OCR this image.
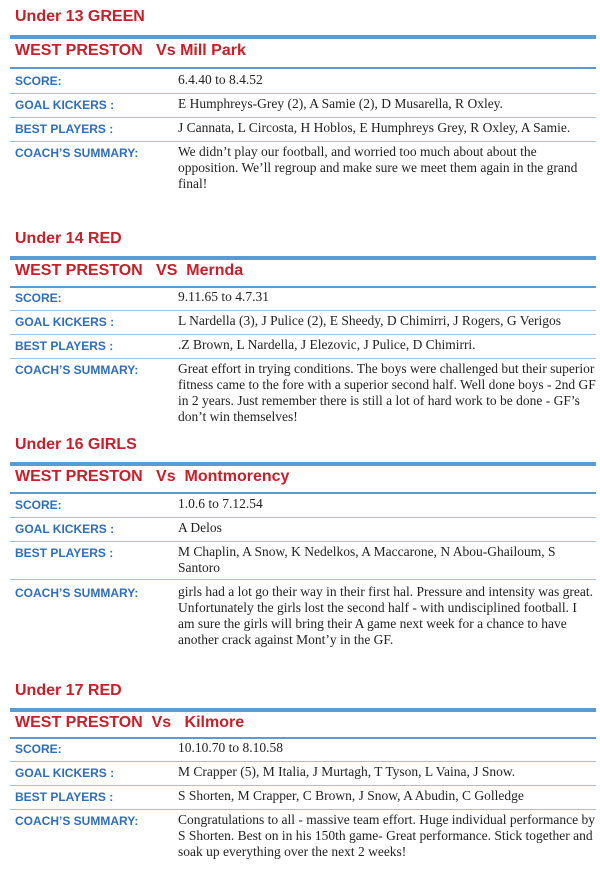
Under 13 GREEN
WEST PRESTON   Vs Mill Park
SCORE:	6.4.40 to 8.4.52
GOAL KICKERS :	E Humphreys-Grey (2), A Samie (2), D Musarella, R Oxley.
BEST PLAYERS :	J Cannata, L Circosta, H Hoblos, E Humphreys Grey, R Oxley, A Samie.
COACH’S SUMMARY:	We didn’t play our football, and worried too much about about the opposition. We’ll regroup and make sure we meet them again in the grand final!
Under 14 RED
WEST PRESTON   VS  Mernda
SCORE:	9.11.65 to 4.7.31
GOAL KICKERS :	L Nardella (3), J Pulice (2), E Sheedy, D Chimirri, J Rogers, G Verigos
BEST PLAYERS :	.Z Brown, L Nardella, J Elezovic, J Pulice, D Chimirri.
COACH’S SUMMARY:	Great effort in trying conditions. The boys were challenged but their superior fitness came to the fore with a superior second half. Well done boys - 2nd GF in 2 years. Just remember there is still a lot of hard work to be done - GF’s don’t win themselves!
Under 16 GIRLS
WEST PRESTON   Vs  Montmorency
SCORE:	1.0.6 to 7.12.54
GOAL KICKERS :	A Delos
BEST PLAYERS :	M Chaplin, A Snow, K Nedelkos, A Maccarone, N Abou-Ghailoum, S Santoro
COACH’S SUMMARY:	girls had a lot go their way in their first hal. Pressure and intensity was great. Unfortunately the girls lost the second half - with undisciplined football. I am sure the girls will bring their A game next week for a chance to have another crack against Mont’y in the GF.
Under 17 RED
WEST PRESTON  Vs   Kilmore
SCORE:	10.10.70 to 8.10.58
GOAL KICKERS :	M Crapper (5), M Italia, J Murtagh, T Tyson, L Vaina, J Snow.
BEST PLAYERS :	S Shorten, M Crapper, C Brown, J Snow, A Abudin, C Golledge
COACH’S SUMMARY:	Congratulations to all - massive team effort. Huge individual performance by S Shorten. Best on in his 150th game- Great performance. Stick together and soak up everything over the next 2 weeks!
